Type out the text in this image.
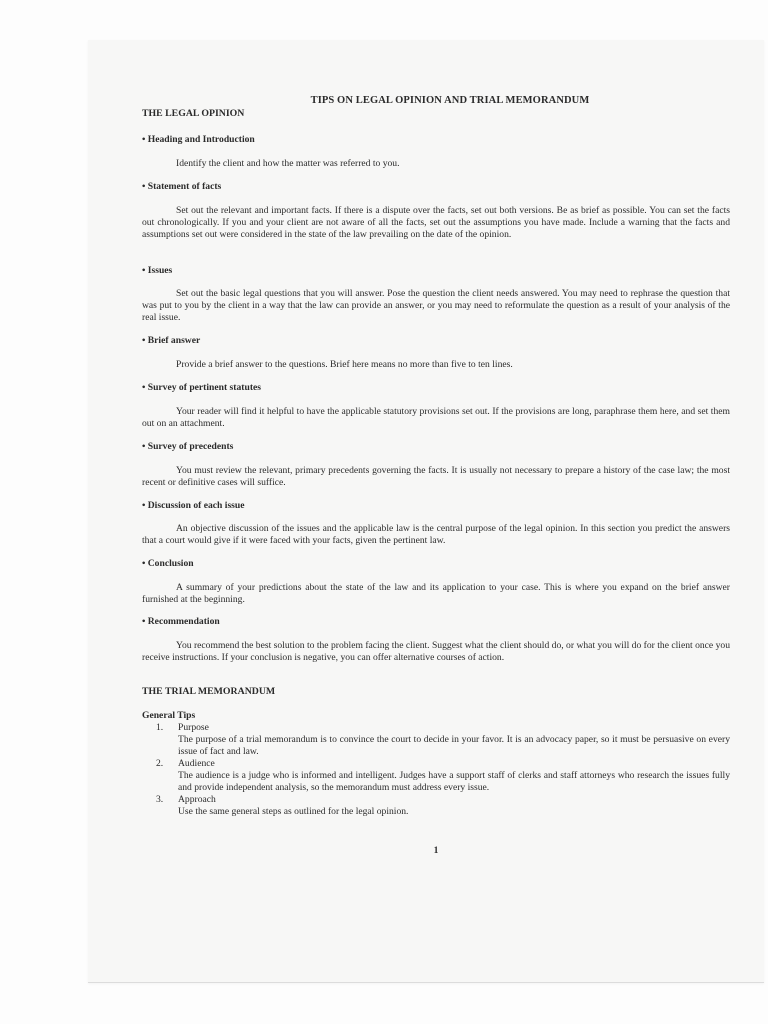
TIPS ON LEGAL OPINION AND TRIAL MEMORANDUM
THE LEGAL OPINION
• Heading and Introduction

Identify the client and how the matter was referred to you.

• Statement of facts

Set out the relevant and important facts. If there is a dispute over the facts, set out both versions. Be as brief as possible. You can set the facts out chronologically. If you and your client are not aware of all the facts, set out the assumptions you have made. Include a warning that the facts and assumptions set out were considered in the state of the law prevailing on the date of the opinion.

• Issues

Set out the basic legal questions that you will answer. Pose the question the client needs answered. You may need to rephrase the question that was put to you by the client in a way that the law can provide an answer, or you may need to reformulate the question as a result of your analysis of the real issue.

• Brief answer

Provide a brief answer to the questions. Brief here means no more than five to ten lines.

• Survey of pertinent statutes

Your reader will find it helpful to have the applicable statutory provisions set out. If the provisions are long, paraphrase them here, and set them out on an attachment.

• Survey of precedents

You must review the relevant, primary precedents governing the facts. It is usually not necessary to prepare a history of the case law; the most recent or definitive cases will suffice.

• Discussion of each issue

An objective discussion of the issues and the applicable law is the central purpose of the legal opinion. In this section you predict the answers that a court would give if it were faced with your facts, given the pertinent law.

• Conclusion

A summary of your predictions about the state of the law and its application to your case. This is where you expand on the brief answer furnished at the beginning.

• Recommendation

You recommend the best solution to the problem facing the client. Suggest what the client should do, or what you will do for the client once you receive instructions. If your conclusion is negative, you can offer alternative courses of action.

THE TRIAL MEMORANDUM
General Tips
1. Purpose
The purpose of a trial memorandum is to convince the court to decide in your favor. It is an advocacy paper, so it must be persuasive on every issue of fact and law.
2. Audience
The audience is a judge who is informed and intelligent. Judges have a support staff of clerks and staff attorneys who research the issues fully and provide independent analysis, so the memorandum must address every issue.
3. Approach
Use the same general steps as outlined for the legal opinion.
1
